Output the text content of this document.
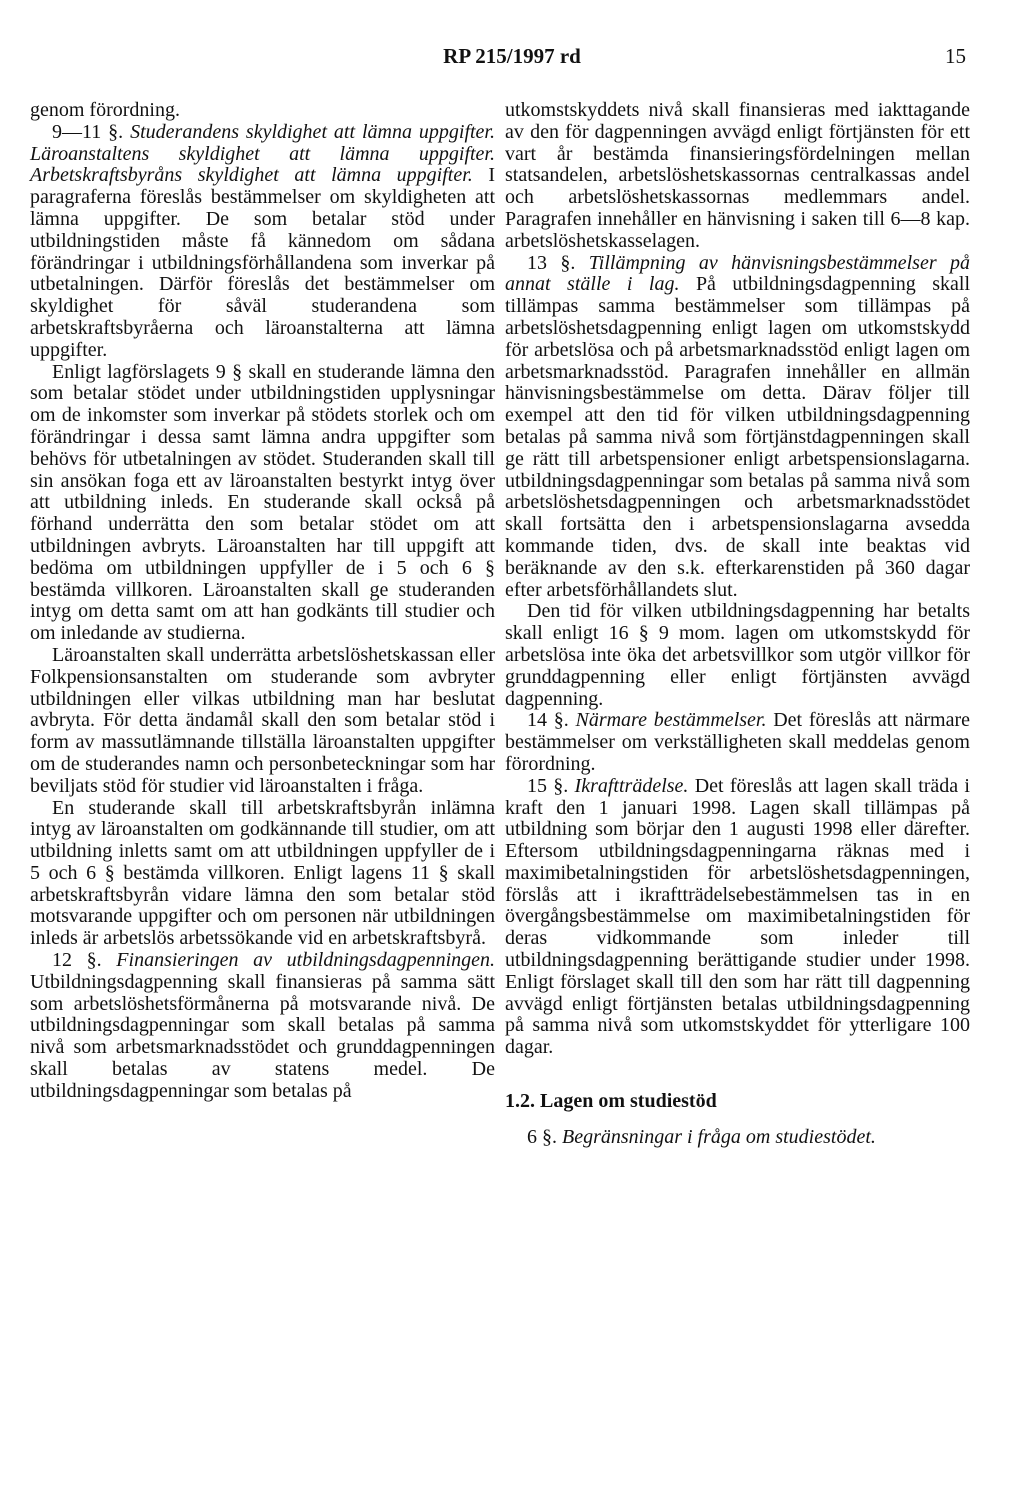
RP 215/1997 rd	15

genom förordning.

9—11 §. Studerandens skyldighet att lämna uppgifter. Läroanstaltens skyldighet att lämna uppgifter. Arbetskraftsbyråns skyldighet att lämna uppgifter. I paragraferna föreslås bestämmelser om skyldigheten att lämna uppgifter. De som betalar stöd under utbildningstiden måste få kännedom om sådana förändringar i utbildningsförhållandena som inverkar på utbetalningen. Därför föreslås det bestämmelser om skyldighet för såväl studerandena som arbetskraftsbyråerna och läroanstalterna att lämna uppgifter.

Enligt lagförslagets 9 § skall en studerande lämna den som betalar stödet under utbildningstiden upplysningar om de inkomster som inverkar på stödets storlek och om förändringar i dessa samt lämna andra uppgifter som behövs för utbetalningen av stödet. Studeranden skall till sin ansökan foga ett av läroanstalten bestyrkt intyg över att utbildning inleds. En studerande skall också på förhand underrätta den som betalar stödet om att utbildningen avbryts. Läroanstalten har till uppgift att bedöma om utbildningen uppfyller de i 5 och 6 § bestämda villkoren. Läroanstalten skall ge studeranden intyg om detta samt om att han godkänts till studier och om inledande av studierna.

Läroanstalten skall underrätta arbetslöshetskassan eller Folkpensionsanstalten om studerande som avbryter utbildningen eller vilkas utbildning man har beslutat avbryta. För detta ändamål skall den som betalar stöd i form av massutlämnande tillställa läroanstalten uppgifter om de studerandes namn och personbeteckningar som har beviljats stöd för studier vid läroanstalten i fråga.

En studerande skall till arbetskraftsbyrån inlämna intyg av läroanstalten om godkännande till studier, om att utbildning inletts samt om att utbildningen uppfyller de i 5 och 6 § bestämda villkoren. Enligt lagens 11 § skall arbetskraftsbyrån vidare lämna den som betalar stöd motsvarande uppgifter och om personen när utbildningen inleds är arbetslös arbetssökande vid en arbetskraftsbyrå.

12 §. Finansieringen av utbildningsdagpenningen. Utbildningsdagpenning skall finansieras på samma sätt som arbetslöshetsförmånerna på motsvarande nivå. De utbildningsdagpenningar som skall betalas på samma nivå som arbetsmarknadsstödet och grunddagpenningen skall betalas av statens medel. De utbildningsdagpenningar som betalas på

utkomstskyddets nivå skall finansieras med iakttagande av den för dagpenningen avvägd enligt förtjänsten för ett vart år bestämda finansieringsfördelningen mellan statsandelen, arbetslöshetskassornas centralkassas andel och arbetslöshetskassornas medlemmars andel. Paragrafen innehåller en hänvisning i saken till 6—8 kap. arbetslöshetskasselagen.

13 §. Tillämpning av hänvisningsbestämmelser på annat ställe i lag. På utbildningsdagpenning skall tillämpas samma bestämmelser som tillämpas på arbetslöshetsdagpenning enligt lagen om utkomstskydd för arbetslösa och på arbetsmarknadsstöd enligt lagen om arbetsmarknadsstöd. Paragrafen innehåller en allmän hänvisningsbestämmelse om detta. Därav följer till exempel att den tid för vilken utbildningsdagpenning betalas på samma nivå som förtjänstdagpenningen skall ge rätt till arbetspensioner enligt arbetspensionslagarna. utbildningsdagpenningar som betalas på samma nivå som arbetslöshetsdagpenningen och arbetsmarknadsstödet skall fortsätta den i arbetspensionslagarna avsedda kommande tiden, dvs. de skall inte beaktas vid beräknande av den s.k. efterkarenstiden på 360 dagar efter arbetsförhållandets slut.

Den tid för vilken utbildningsdagpenning har betalts skall enligt 16 § 9 mom. lagen om utkomstskydd för arbetslösa inte öka det arbetsvillkor som utgör villkor för grunddagpenning eller enligt förtjänsten avvägd dagpenning.

14 §. Närmare bestämmelser. Det föreslås att närmare bestämmelser om verkställigheten skall meddelas genom förordning.

15 §. Ikraftträdelse. Det föreslås att lagen skall träda i kraft den 1 januari 1998. Lagen skall tillämpas på utbildning som börjar den 1 augusti 1998 eller därefter. Eftersom utbildningsdagpenningarna räknas med i maximibetalningstiden för arbetslöshetsdagpenningen, förslås att i ikraftträdelsebestämmelsen tas in en övergångsbestämmelse om maximibetalningstiden för deras vidkommande som inleder till utbildningsdagpenning berättigande studier under 1998. Enligt förslaget skall till den som har rätt till dagpenning avvägd enligt förtjänsten betalas utbildningsdagpenning på samma nivå som utkomstskyddet för ytterligare 100 dagar.

1.2. Lagen om studiestöd

6 §. Begränsningar i fråga om studiestödet.
